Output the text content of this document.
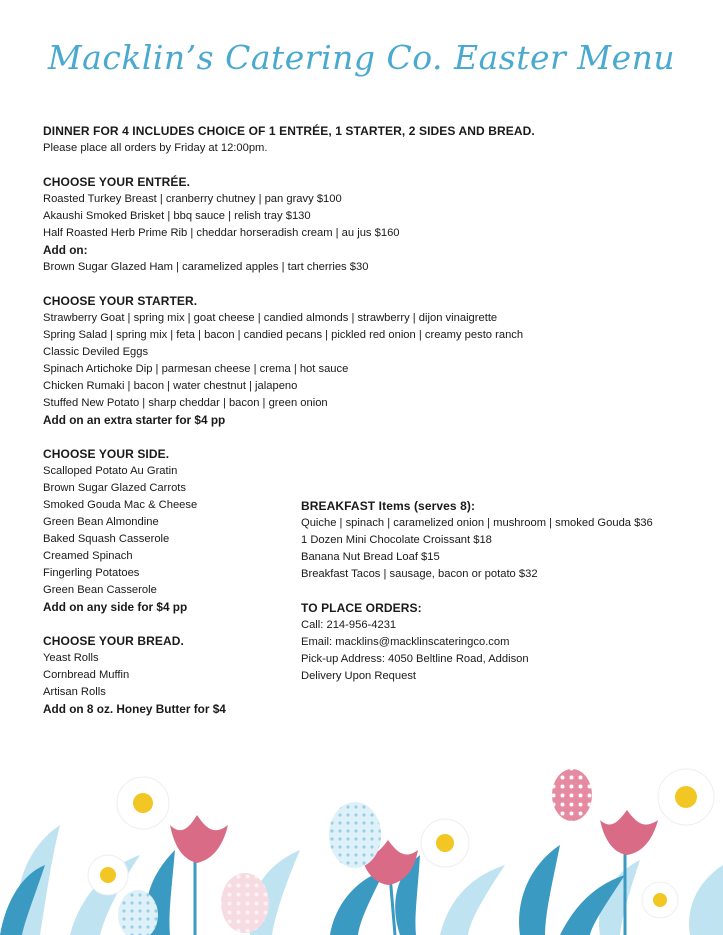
Macklin’s Catering Co. Easter Menu
DINNER FOR 4 INCLUDES CHOICE OF 1 ENTRÉE, 1 STARTER, 2 SIDES AND BREAD.
Please place all orders by Friday at 12:00pm.
CHOOSE YOUR ENTRÉE.
Roasted Turkey Breast | cranberry chutney | pan gravy $100
Akaushi Smoked Brisket | bbq sauce | relish tray $130
Half Roasted Herb Prime Rib | cheddar horseradish cream | au jus $160
Add on:
Brown Sugar Glazed Ham | caramelized apples | tart cherries $30
CHOOSE YOUR STARTER.
Strawberry Goat | spring mix | goat cheese | candied almonds | strawberry | dijon vinaigrette
Spring Salad | spring mix | feta | bacon | candied pecans | pickled red onion | creamy pesto ranch
Classic Deviled Eggs
Spinach Artichoke Dip | parmesan cheese | crema | hot sauce
Chicken Rumaki | bacon | water chestnut | jalapeno
Stuffed New Potato | sharp cheddar | bacon | green onion
Add on an extra starter for $4 pp
CHOOSE YOUR SIDE.
Scalloped Potato Au Gratin
Brown Sugar Glazed Carrots
Smoked Gouda Mac & Cheese
Green Bean Almondine
Baked Squash Casserole
Creamed Spinach
Fingerling Potatoes
Green Bean Casserole
Add on any side for $4 pp
CHOOSE YOUR BREAD.
Yeast Rolls
Cornbread Muffin
Artisan Rolls
Add on 8 oz. Honey Butter for $4
BREAKFAST Items (serves 8):
Quiche | spinach | caramelized onion | mushroom | smoked Gouda $36
1 Dozen Mini Chocolate Croissant $18
Banana Nut Bread Loaf $15
Breakfast Tacos | sausage, bacon or potato $32
TO PLACE ORDERS:
Call: 214-956-4231
Email: macklins@macklinscateringco.com
Pick-up Address: 4050 Beltline Road, Addison
Delivery Upon Request
